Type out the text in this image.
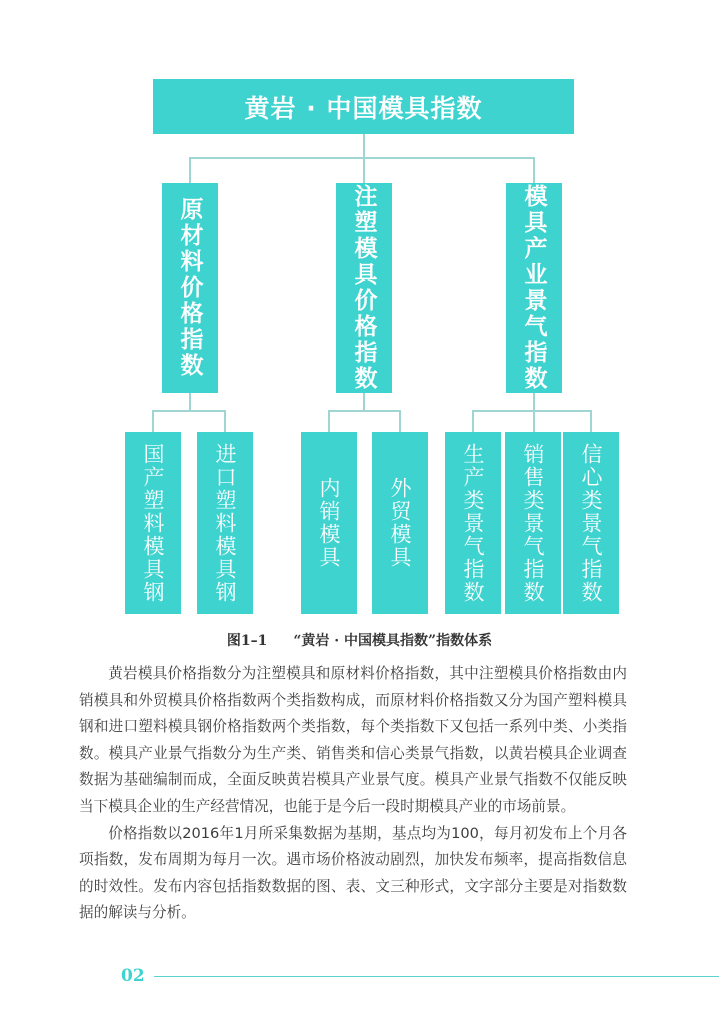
黄岩 · 中国模具指数
原材料价格指数	注塑模具价格指数	模具产业景气指数
国产塑料模具钢 进口塑料模具钢	内销模具 外贸模具 生产类景气指数 销售类景气指数 信心类景气指数
图1–1 “黄岩 · 中国模具指数”指数体系

黄岩模具价格指数分为注塑模具和原材料价格指数，其中注塑模具价格指数由内销模具和外贸模具价格指数两个类指数构成，而原材料价格指数又分为国产塑料模具钢和进口塑料模具钢价格指数两个类指数，每个类指数下又包括一系列中类、小类指数。模具产业景气指数分为生产类、销售类和信心类景气指数，以黄岩模具企业调查数据为基础编制而成，全面反映黄岩模具产业景气度。模具产业景气指数不仅能反映当下模具企业的生产经营情况，也能于是今后一段时期模具产业的市场前景。

价格指数以2016年1月所采集数据为基期，基点均为100，每月初发布上个月各项指数，发布周期为每月一次。遇市场价格波动剧烈，加快发布频率，提高指数信息的时效性。发布内容包括指数数据的图、表、文三种形式，文字部分主要是对指数数据的解读与分析。

02
